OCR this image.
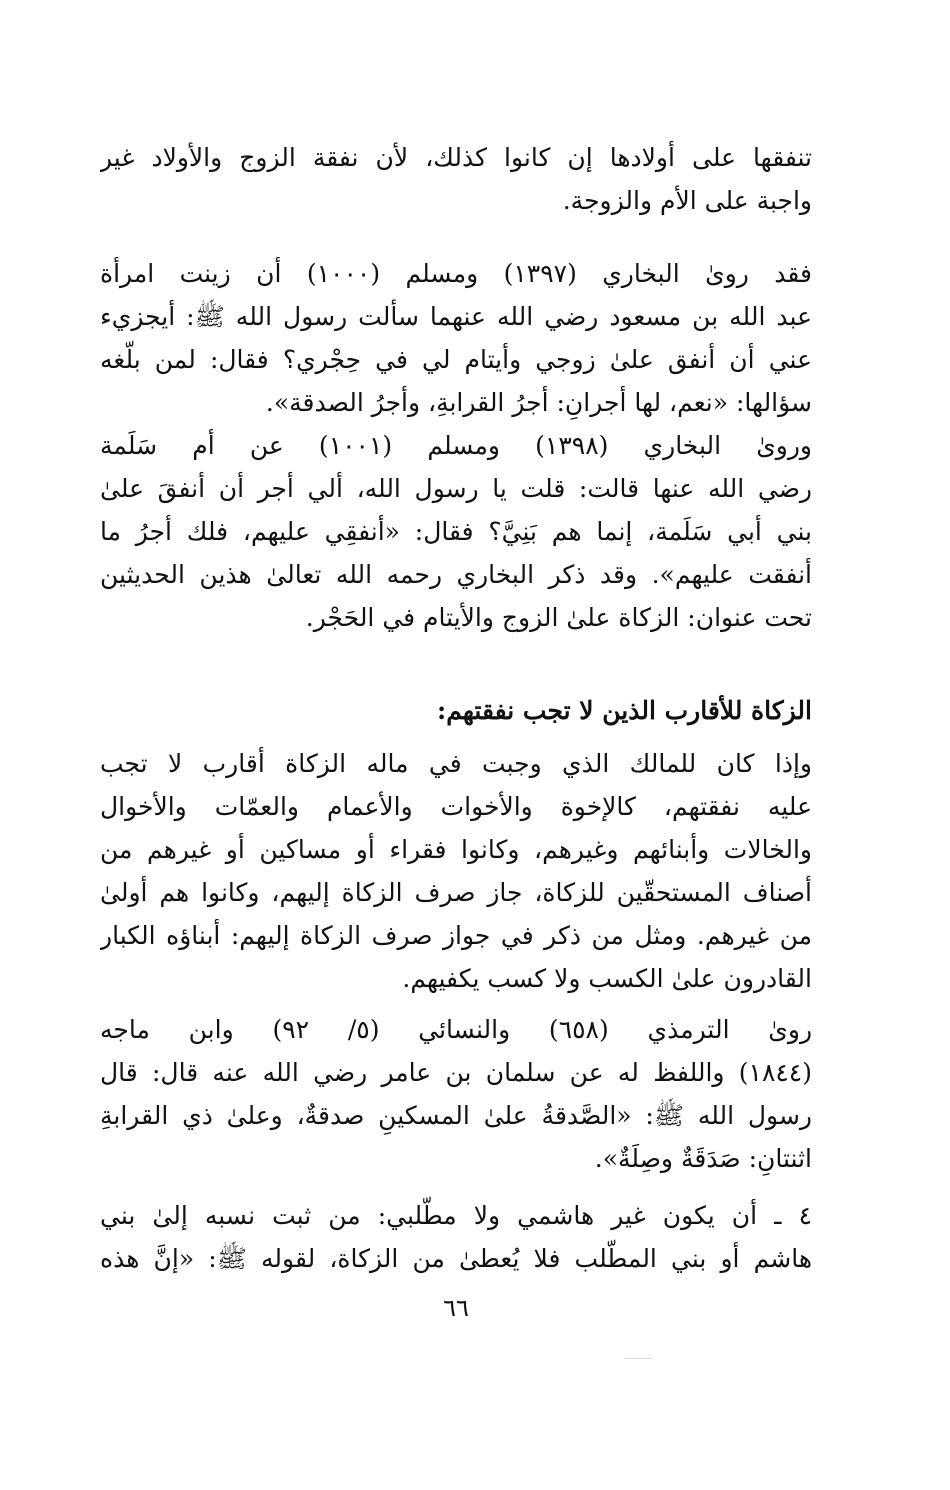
تنفقها على أولادها إن كانوا كذلك، لأن نفقة الزوج والأولاد غير
واجبة على الأم والزوجة.
فقد روىٰ البخاري (١٣٩٧) ومسلم (١٠٠٠) أن زينت امرأة
عبد الله بن مسعود رضي الله عنهما سألت رسول الله ﷺ: أيجزيء
عني أن أنفق علىٰ زوجي وأيتام لي في حِجْري؟ فقال: لمن بلّغه
سؤالها: «نعم، لها أجرانِ: أجرُ القرابةِ، وأجرُ الصدقة».
وروىٰ البخاري (١٣٩٨) ومسلم (١٠٠١) عن أم سَلَمة
رضي الله عنها قالت: قلت يا رسول الله، ألي أجر أن أنفقَ علىٰ
بني أبي سَلَمة، إنما هم بَنِيَّ؟ فقال: «أنفقِي عليهم، فلك أجرُ ما
أنفقت عليهم». وقد ذكر البخاري رحمه الله تعالىٰ هذين الحديثين
تحت عنوان: الزكاة علىٰ الزوج والأيتام في الحَجْر.
الزكاة للأقارب الذين لا تجب نفقتهم:
وإذا كان للمالك الذي وجبت في ماله الزكاة أقارب لا تجب
عليه نفقتهم، كالإخوة والأخوات والأعمام والعمّات والأخوال
والخالات وأبنائهم وغيرهم، وكانوا فقراء أو مساكين أو غيرهم من
أصناف المستحقّين للزكاة، جاز صرف الزكاة إليهم، وكانوا هم أولىٰ
من غيرهم. ومثل من ذكر في جواز صرف الزكاة إليهم: أبناؤه الكبار
القادرون علىٰ الكسب ولا كسب يكفيهم.
روىٰ الترمذي (٦٥٨) والنسائي (٥/ ٩٢) وابن ماجه
(١٨٤٤) واللفظ له عن سلمان بن عامر رضي الله عنه قال: قال
رسول الله ﷺ: «الصَّدقةُ علىٰ المسكينِ صدقةٌ، وعلىٰ ذي القرابةِ
اثنتانِ: صَدَقَةٌ وصِلَةٌ».
٤ ـ أن يكون غير هاشمي ولا مطّلبي: من ثبت نسبه إلىٰ بني
هاشم أو بني المطّلب فلا يُعطىٰ من الزكاة، لقوله ﷺ: «إنَّ هذه
٦٦
